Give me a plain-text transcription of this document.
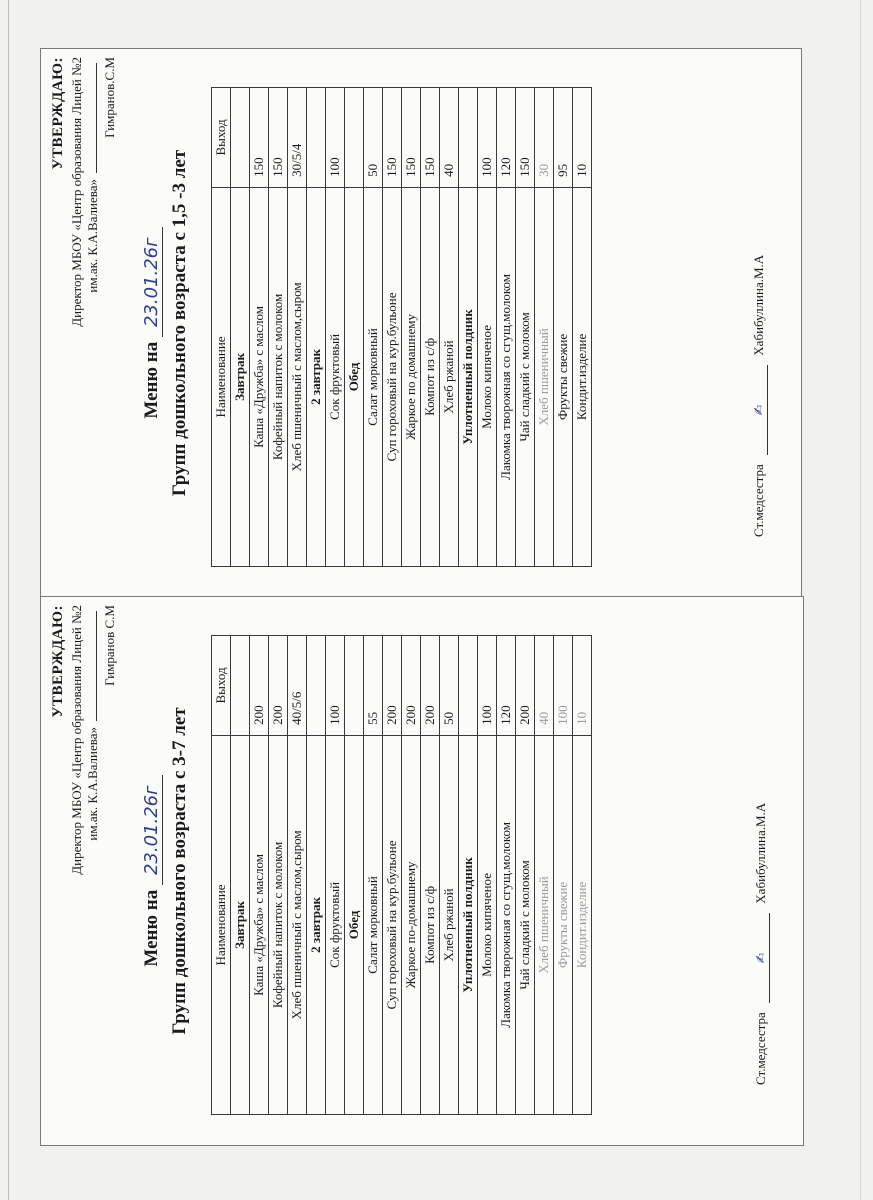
УТВЕРЖДАЮ: Директор МБОУ «Центр образования Лицей №2 им.ак. К.А.Валиева»
Гимранов.С.М
Меню на 23.01.26г Групп дошкольного возраста с 1,5 -3 лет Наименование	Выход
Завтрак	
Каша «Дружба» с маслом	150
Кофейный напиток с молоком	150
Хлеб пшеничный с маслом,сыром	30/5/4
2 завтрак	
Сок фруктовый	100
Обед	
Салат морковный	50
Суп гороховый на кур.бульоне	150
Жаркое по домашнему	150
Компот из с/ф	150
Хлеб ржаной	40
Уплотненный полдник	
Молоко кипяченое	100
Лакомка творожная со сгущ.молоком	120
Чай сладкий с молоком	150
Хлеб пшеничный	30
Фрукты свежие	95
Кондит.изделие	10
Ст.медсестра ✍ Хабибуллина.М.А
УТВЕРЖДАЮ: Директор МБОУ «Центр образования Лицей №2 им.ак. К.А.Валиева»
Гимранов С.М
Меню на 23.01.26г Групп дошкольного возраста с 3-7 лет Наименование	Выход
Завтрак	
Каша «Дружба» с маслом	200
Кофейный напиток с молоком	200
Хлеб пшеничный с маслом,сыром	40/5/6
2 завтрак	
Сок фруктовый	100
Обед	
Салат морковный	55
Суп гороховый на кур.бульоне	200
Жаркое по-домашнему	200
Компот из с/ф	200
Хлеб ржаной	50
Уплотненный полдник	
Молоко кипяченое	100
Лакомка творожная со сгущ.молоком	120
Чай сладкий с молоком	200
Хлеб пшеничный	40
Фрукты свежие	100
Кондит.изделие	10
Ст.медсестра ✍ Хабибуллина.М.А
